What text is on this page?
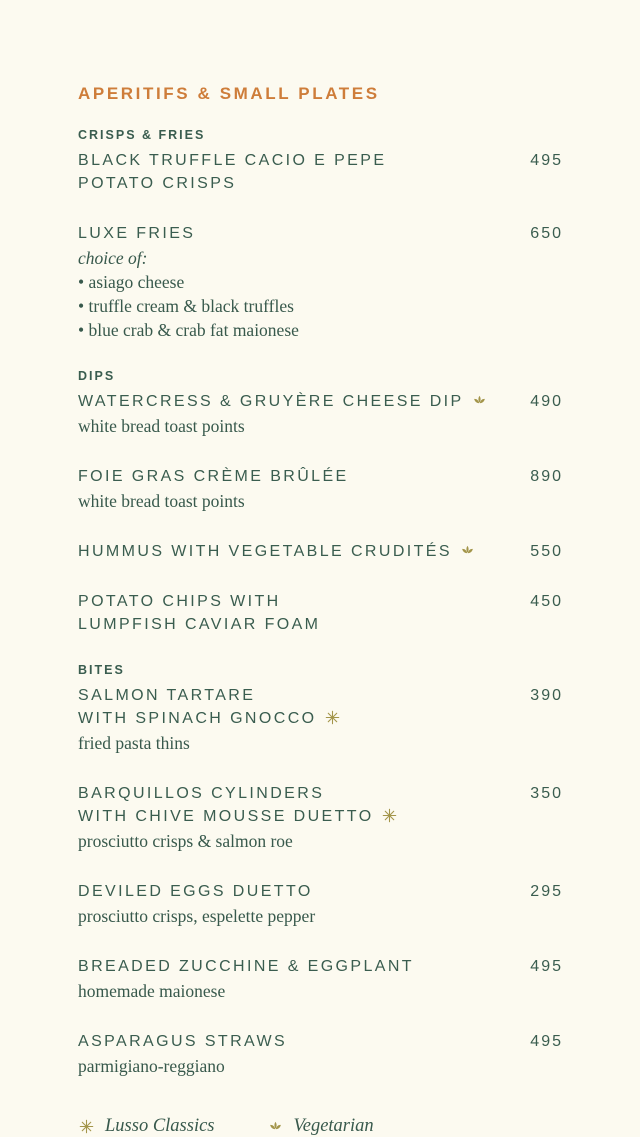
APERITIFS & SMALL PLATES
CRISPS & FRIES
BLACK TRUFFLE CACIO E PEPE
POTATO CRISPS
495
LUXE FRIES
choice of:
• asiago cheese
• truffle cream & black truffles
• blue crab & crab fat maionese
650
DIPS
WATERCRESS & GRUYÈRE CHEESE DIP
white bread toast points
490
FOIE GRAS CRÈME BRÛLÉE
white bread toast points
890
HUMMUS WITH VEGETABLE CRUDITÉS	550
POTATO CHIPS WITH
LUMPFISH CAVIAR FOAM
450
BITES
SALMON TARTARE
WITH SPINACH GNOCCO
fried pasta thins
390
BARQUILLOS CYLINDERS
WITH CHIVE MOUSSE DUETTO
prosciutto crisps & salmon roe
350
DEVILED EGGS DUETTO
prosciutto crisps, espelette pepper
295
BREADED ZUCCHINE & EGGPLANT
homemade maionese
495
ASPARAGUS STRAWS
parmigiano-reggiano
495
Lusso Classics	Vegetarian
